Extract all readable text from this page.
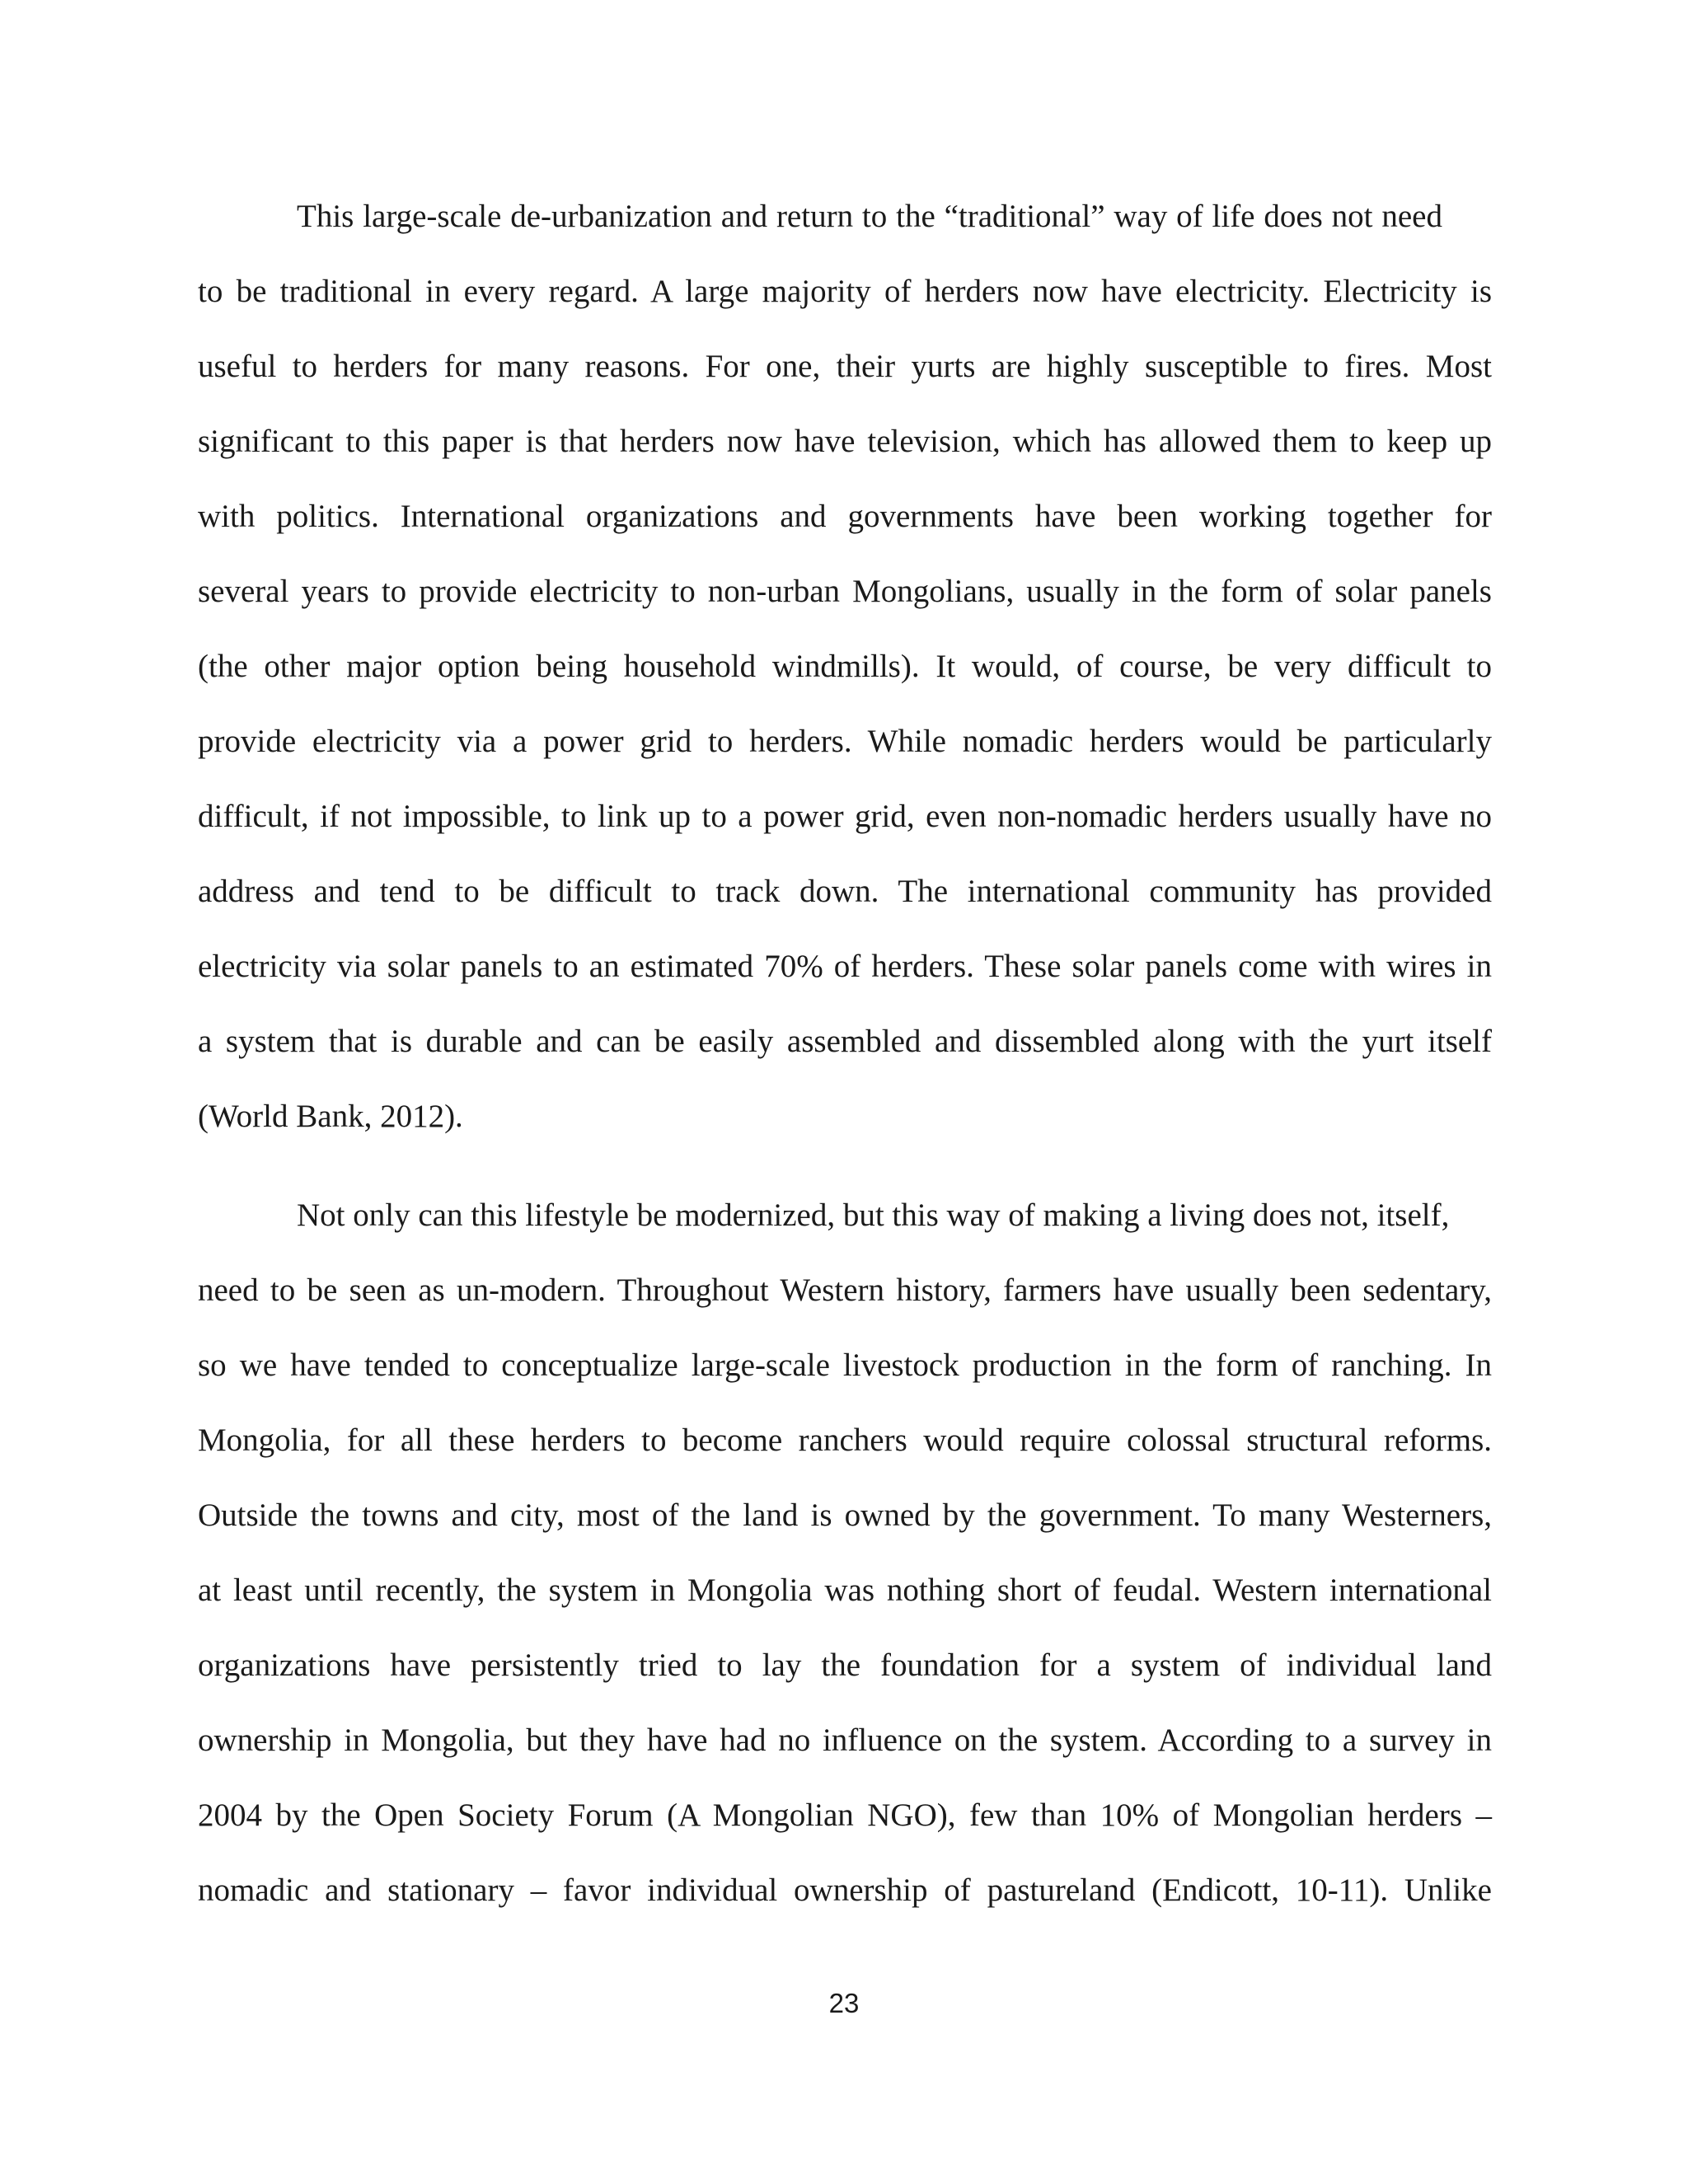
This large-scale de-urbanization and return to the “traditional” way of life does not need
to be traditional in every regard. A large majority of herders now have electricity. Electricity is
useful to herders for many reasons. For one, their yurts are highly susceptible to fires. Most
significant to this paper is that herders now have television, which has allowed them to keep up
with politics. International organizations and governments have been working together for
several years to provide electricity to non-urban Mongolians, usually in the form of solar panels
(the other major option being household windmills). It would, of course, be very difficult to
provide electricity via a power grid to herders. While nomadic herders would be particularly
difficult, if not impossible, to link up to a power grid, even non-nomadic herders usually have no
address and tend to be difficult to track down. The international community has provided
electricity via solar panels to an estimated 70% of herders. These solar panels come with wires in
a system that is durable and can be easily assembled and dissembled along with the yurt itself
(World Bank, 2012).
Not only can this lifestyle be modernized, but this way of making a living does not, itself,
need to be seen as un-modern. Throughout Western history, farmers have usually been sedentary,
so we have tended to conceptualize large-scale livestock production in the form of ranching. In
Mongolia, for all these herders to become ranchers would require colossal structural reforms.
Outside the towns and city, most of the land is owned by the government. To many Westerners,
at least until recently, the system in Mongolia was nothing short of feudal. Western international
organizations have persistently tried to lay the foundation for a system of individual land
ownership in Mongolia, but they have had no influence on the system. According to a survey in
2004 by the Open Society Forum (A Mongolian NGO), few than 10% of Mongolian herders –
nomadic and stationary – favor individual ownership of pastureland (Endicott, 10-11). Unlike
23
